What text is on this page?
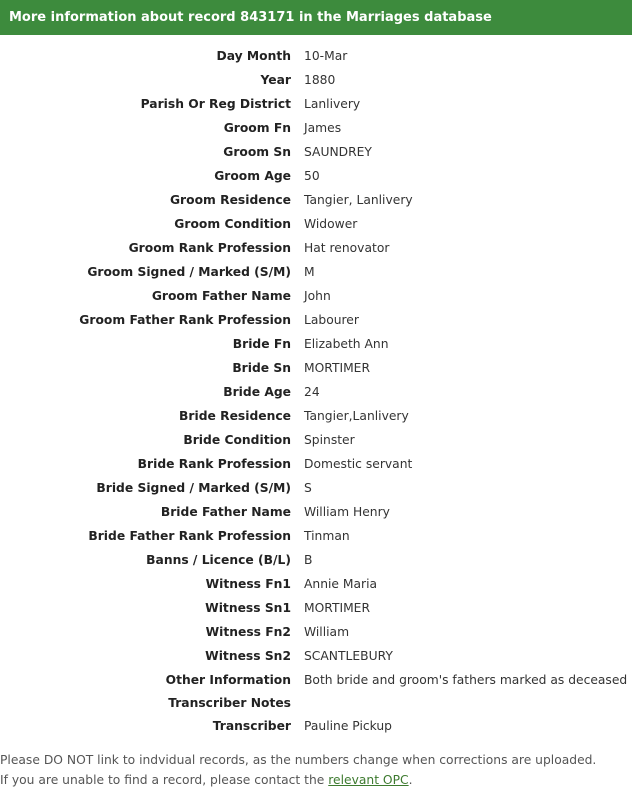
More information about record 843171 in the Marriages database
Day Month 10-Mar
Year 1880
Parish Or Reg District Lanlivery
Groom Fn James
Groom Sn SAUNDREY
Groom Age 50
Groom Residence Tangier, Lanlivery
Groom Condition Widower
Groom Rank Profession Hat renovator
Groom Signed / Marked (S/M) M
Groom Father Name John
Groom Father Rank Profession Labourer
Bride Fn Elizabeth Ann
Bride Sn MORTIMER
Bride Age 24
Bride Residence Tangier,Lanlivery
Bride Condition Spinster
Bride Rank Profession Domestic servant
Bride Signed / Marked (S/M) S
Bride Father Name William Henry
Bride Father Rank Profession Tinman
Banns / Licence (B/L) B
Witness Fn1 Annie Maria
Witness Sn1 MORTIMER
Witness Fn2 William
Witness Sn2 SCANTLEBURY
Other Information Both bride and groom's fathers marked as deceased
Transcriber Notes
Transcriber Pauline Pickup

Please DO NOT link to indvidual records, as the numbers change when corrections are uploaded.

If you are unable to find a record, please contact the relevant OPC.
